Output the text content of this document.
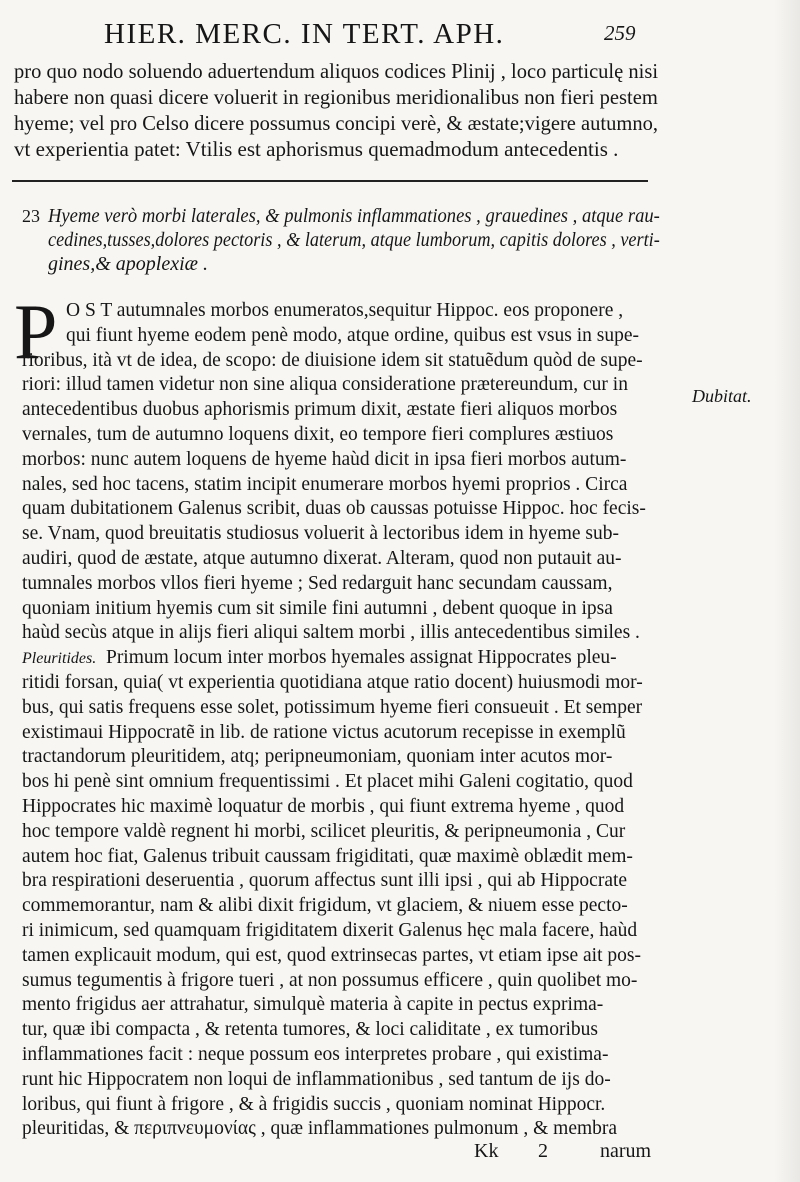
HIER. MERC. IN TERT. APH.	259
pro quo nodo soluendo aduertendum aliquos codices Plinij , loco particulę nisi
habere non quasi dicere voluerit in regionibus meridionalibus non fieri pestem
hyeme; vel pro Celso dicere possumus concipi verè, & æstate;vigere autumno,
vt experientia patet: Vtilis est aphorismus quemadmodum antecedentis .
23 Hyeme verò morbi laterales, & pulmonis inflammationes , grauedines , atque rau-
cedines,tusses,dolores pectoris , & laterum, atque lumborum, capitis dolores , verti-
gines,& apoplexiæ .
P O S T autumnales morbos enumeratos,sequitur Hippoc. eos proponere ,
qui fiunt hyeme eodem penè modo, atque ordine, quibus est vsus in supe-
rioribus, ità vt de idea, de scopo: de diuisione idem sit statuẽdum quòd de supe-
riori: illud tamen videtur non sine aliqua consideratione prætereundum, cur in
antecedentibus duobus aphorismis primum dixit, æstate fieri aliquos morbos
vernales, tum de autumno loquens dixit, eo tempore fieri complures æstiuos
morbos: nunc autem loquens de hyeme haùd dicit in ipsa fieri morbos autum-
nales, sed hoc tacens, statim incipit enumerare morbos hyemi proprios . Circa
quam dubitationem Galenus scribit, duas ob caussas potuisse Hippoc. hoc fecis-
se. Vnam, quod breuitatis studiosus voluerit à lectoribus idem in hyeme sub-
audiri, quod de æstate, atque autumno dixerat. Alteram, quod non putauit au-
tumnales morbos vllos fieri hyeme ; Sed redarguit hanc secundam caussam,
quoniam initium hyemis cum sit simile fini autumni , debent quoque in ipsa
haùd secùs atque in alijs fieri aliqui saltem morbi , illis antecedentibus similes .
Pleuritides. Primum locum inter morbos hyemales assignat Hippocrates pleu-
ritidi forsan, quia( vt experientia quotidiana atque ratio docent) huiusmodi mor-
bus, qui satis frequens esse solet, potissimum hyeme fieri consueuit . Et semper
existimaui Hippocratẽ in lib. de ratione victus acutorum recepisse in exemplũ
tractandorum pleuritidem, atq; peripneumoniam, quoniam inter acutos mor-
bos hi penè sint omnium frequentissimi . Et placet mihi Galeni cogitatio, quod
Hippocrates hic maximè loquatur de morbis , qui fiunt extrema hyeme , quod
hoc tempore valdè regnent hi morbi, scilicet pleuritis, & peripneumonia , Cur
autem hoc fiat, Galenus tribuit caussam frigiditati, quæ maximè oblædit mem-
bra respirationi deseruentia , quorum affectus sunt illi ipsi , qui ab Hippocrate
commemorantur, nam & alibi dixit frigidum, vt glaciem, & niuem esse pecto-
ri inimicum, sed quamquam frigiditatem dixerit Galenus hęc mala facere, haùd
tamen explicauit modum, qui est, quod extrinsecas partes, vt etiam ipse ait pos-
sumus tegumentis à frigore tueri , at non possumus efficere , quin quolibet mo-
mento frigidus aer attrahatur, simulquè materia à capite in pectus exprima-
tur, quæ ibi compacta , & retenta tumores, & loci caliditate , ex tumoribus
inflammationes facit : neque possum eos interpretes probare , qui existima-
runt hic Hippocratem non loqui de inflammationibus , sed tantum de ijs do-
loribus, qui fiunt à frigore , & à frigidis succis , quoniam nominat Hippocr.
pleuritidas, & περιπνευμονίας , quæ inflammationes pulmonum , & membra
Dubitat.
Kk 2	narum
